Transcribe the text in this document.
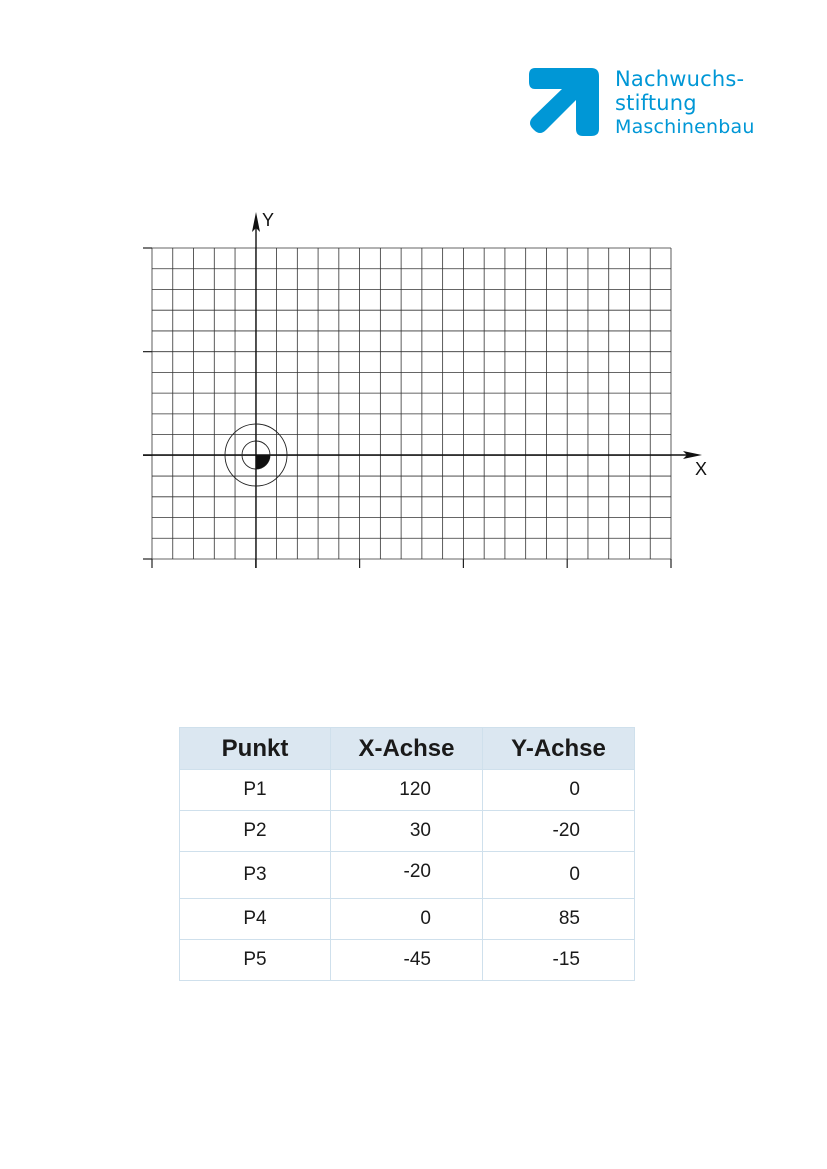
Nachwuchs-
stiftung
Maschinenbau
Y
X
Punkt	X-Achse	Y-Achse
P1	120	0
P2	30	-20
P3	-20	0
P4	0	85
P5	-45	-15
